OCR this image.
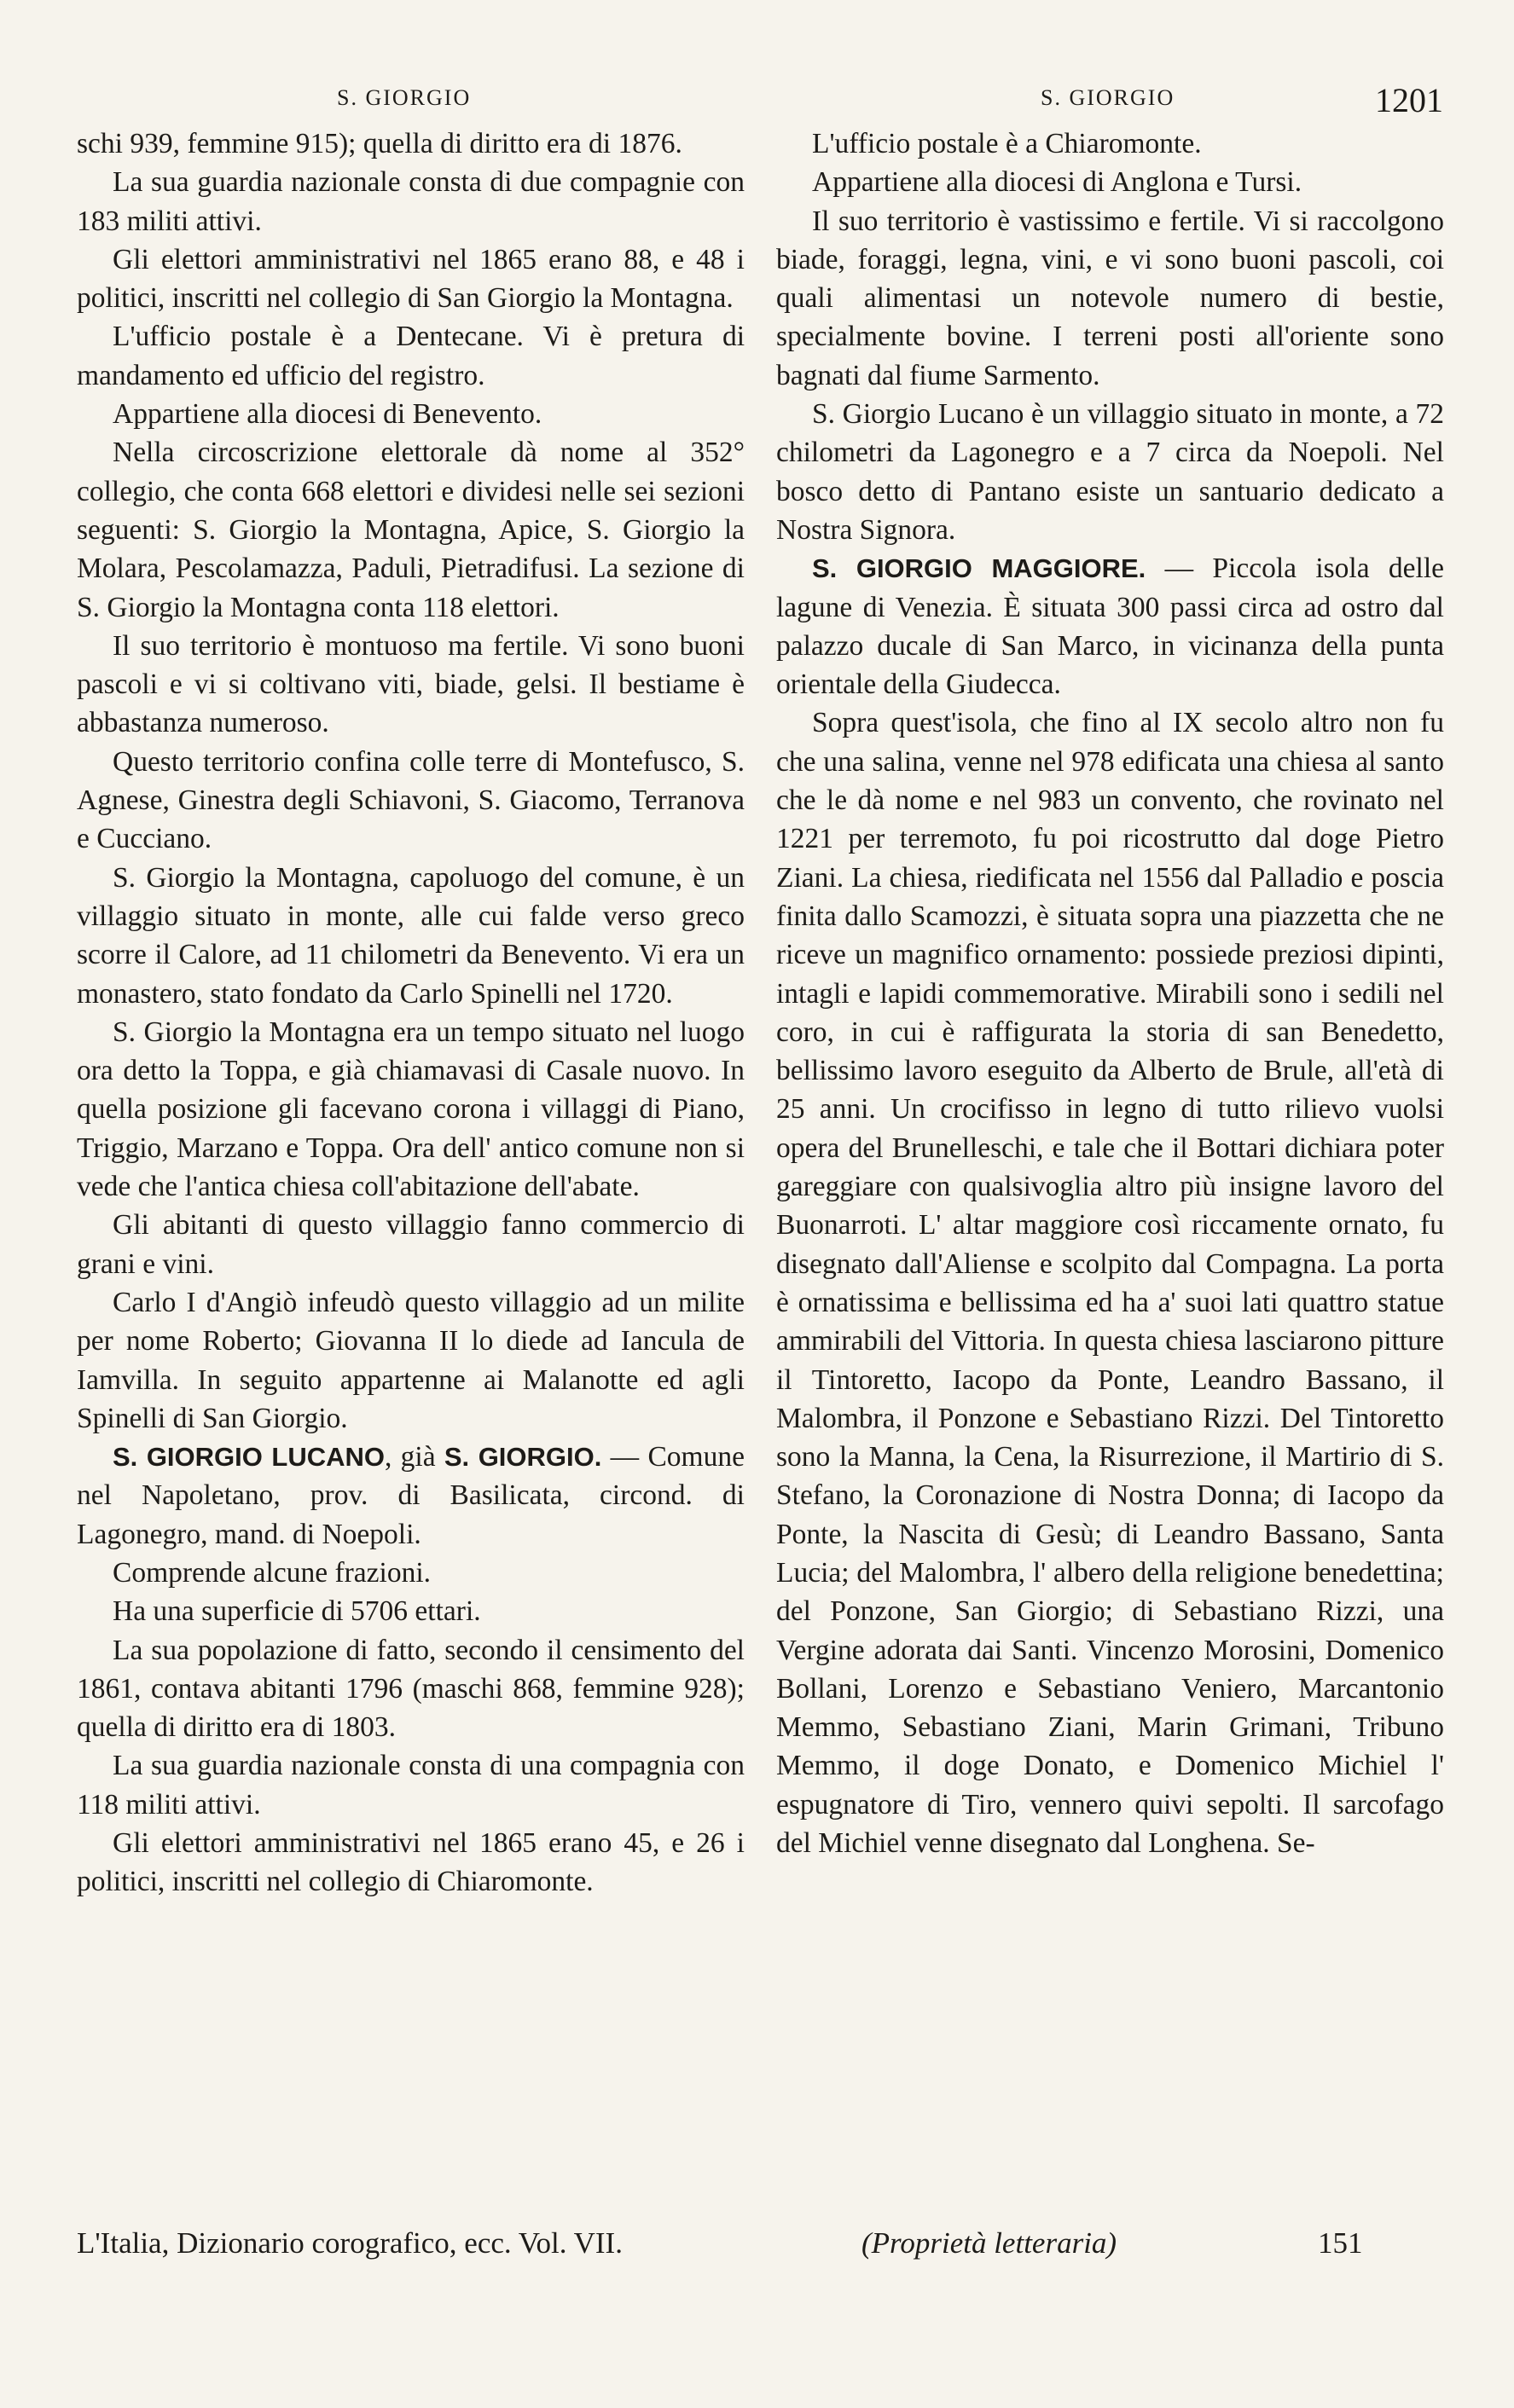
S. GIORGIO	S. GIORGIO	1201

schi 939, femmine 915); quella di diritto era di 1876.

La sua guardia nazionale consta di due compagnie con 183 militi attivi.

Gli elettori amministrativi nel 1865 erano 88, e 48 i politici, inscritti nel collegio di San Giorgio la Montagna.

L'ufficio postale è a Dentecane. Vi è pretura di mandamento ed ufficio del registro.

Appartiene alla diocesi di Benevento.

Nella circoscrizione elettorale dà nome al 352° collegio, che conta 668 elettori e dividesi nelle sei sezioni seguenti: S. Giorgio la Montagna, Apice, S. Giorgio la Molara, Pescolamazza, Paduli, Pietradifusi. La sezione di S. Giorgio la Montagna conta 118 elettori.

Il suo territorio è montuoso ma fertile. Vi sono buoni pascoli e vi si coltivano viti, biade, gelsi. Il bestiame è abbastanza numeroso.

Questo territorio confina colle terre di Montefusco, S. Agnese, Ginestra degli Schiavoni, S. Giacomo, Terranova e Cucciano.

S. Giorgio la Montagna, capoluogo del comune, è un villaggio situato in monte, alle cui falde verso greco scorre il Calore, ad 11 chilometri da Benevento. Vi era un monastero, stato fondato da Carlo Spinelli nel 1720.

S. Giorgio la Montagna era un tempo situato nel luogo ora detto la Toppa, e già chiamavasi di Casale nuovo. In quella posizione gli facevano corona i villaggi di Piano, Triggio, Marzano e Toppa. Ora dell' antico comune non si vede che l'antica chiesa coll'abitazione dell'abate.

Gli abitanti di questo villaggio fanno commercio di grani e vini.

Carlo I d'Angiò infeudò questo villaggio ad un milite per nome Roberto; Giovanna II lo diede ad Iancula de Iamvilla. In seguito appartenne ai Malanotte ed agli Spinelli di San Giorgio.

S. GIORGIO LUCANO, già S. GIORGIO. — Comune nel Napoletano, prov. di Basilicata, circond. di Lagonegro, mand. di Noepoli.

Comprende alcune frazioni.

Ha una superficie di 5706 ettari.

La sua popolazione di fatto, secondo il censimento del 1861, contava abitanti 1796 (maschi 868, femmine 928); quella di diritto era di 1803.

La sua guardia nazionale consta di una compagnia con 118 militi attivi.

Gli elettori amministrativi nel 1865 erano 45, e 26 i politici, inscritti nel collegio di Chiaromonte.

L'ufficio postale è a Chiaromonte.

Appartiene alla diocesi di Anglona e Tursi.

Il suo territorio è vastissimo e fertile. Vi si raccolgono biade, foraggi, legna, vini, e vi sono buoni pascoli, coi quali alimentasi un notevole numero di bestie, specialmente bovine. I terreni posti all'oriente sono bagnati dal fiume Sarmento.

S. Giorgio Lucano è un villaggio situato in monte, a 72 chilometri da Lagonegro e a 7 circa da Noepoli. Nel bosco detto di Pantano esiste un santuario dedicato a Nostra Signora.

S. GIORGIO MAGGIORE. — Piccola isola delle lagune di Venezia. È situata 300 passi circa ad ostro dal palazzo ducale di San Marco, in vicinanza della punta orientale della Giudecca.

Sopra quest'isola, che fino al IX secolo altro non fu che una salina, venne nel 978 edificata una chiesa al santo che le dà nome e nel 983 un convento, che rovinato nel 1221 per terremoto, fu poi ricostrutto dal doge Pietro Ziani. La chiesa, riedificata nel 1556 dal Palladio e poscia finita dallo Scamozzi, è situata sopra una piazzetta che ne riceve un magnifico ornamento: possiede preziosi dipinti, intagli e lapidi commemorative. Mirabili sono i sedili nel coro, in cui è raffigurata la storia di san Benedetto, bellissimo lavoro eseguito da Alberto de Brule, all'età di 25 anni. Un crocifisso in legno di tutto rilievo vuolsi opera del Brunelleschi, e tale che il Bottari dichiara poter gareggiare con qualsivoglia altro più insigne lavoro del Buonarroti. L' altar maggiore così riccamente ornato, fu disegnato dall'Aliense e scolpito dal Compagna. La porta è ornatissima e bellissima ed ha a' suoi lati quattro statue ammirabili del Vittoria. In questa chiesa lasciarono pitture il Tintoretto, Iacopo da Ponte, Leandro Bassano, il Malombra, il Ponzone e Sebastiano Rizzi. Del Tintoretto sono la Manna, la Cena, la Risurrezione, il Martirio di S. Stefano, la Coronazione di Nostra Donna; di Iacopo da Ponte, la Nascita di Gesù; di Leandro Bassano, Santa Lucia; del Malombra, l' albero della religione benedettina; del Ponzone, San Giorgio; di Sebastiano Rizzi, una Vergine adorata dai Santi. Vincenzo Morosini, Domenico Bollani, Lorenzo e Sebastiano Veniero, Marcantonio Memmo, Sebastiano Ziani, Marin Grimani, Tribuno Memmo, il doge Donato, e Domenico Michiel l' espugnatore di Tiro, vennero quivi sepolti. Il sarcofago del Michiel venne disegnato dal Longhena. Se-

L'Italia, Dizionario corografico, ecc. Vol. VII.	(Proprietà letteraria)	151
